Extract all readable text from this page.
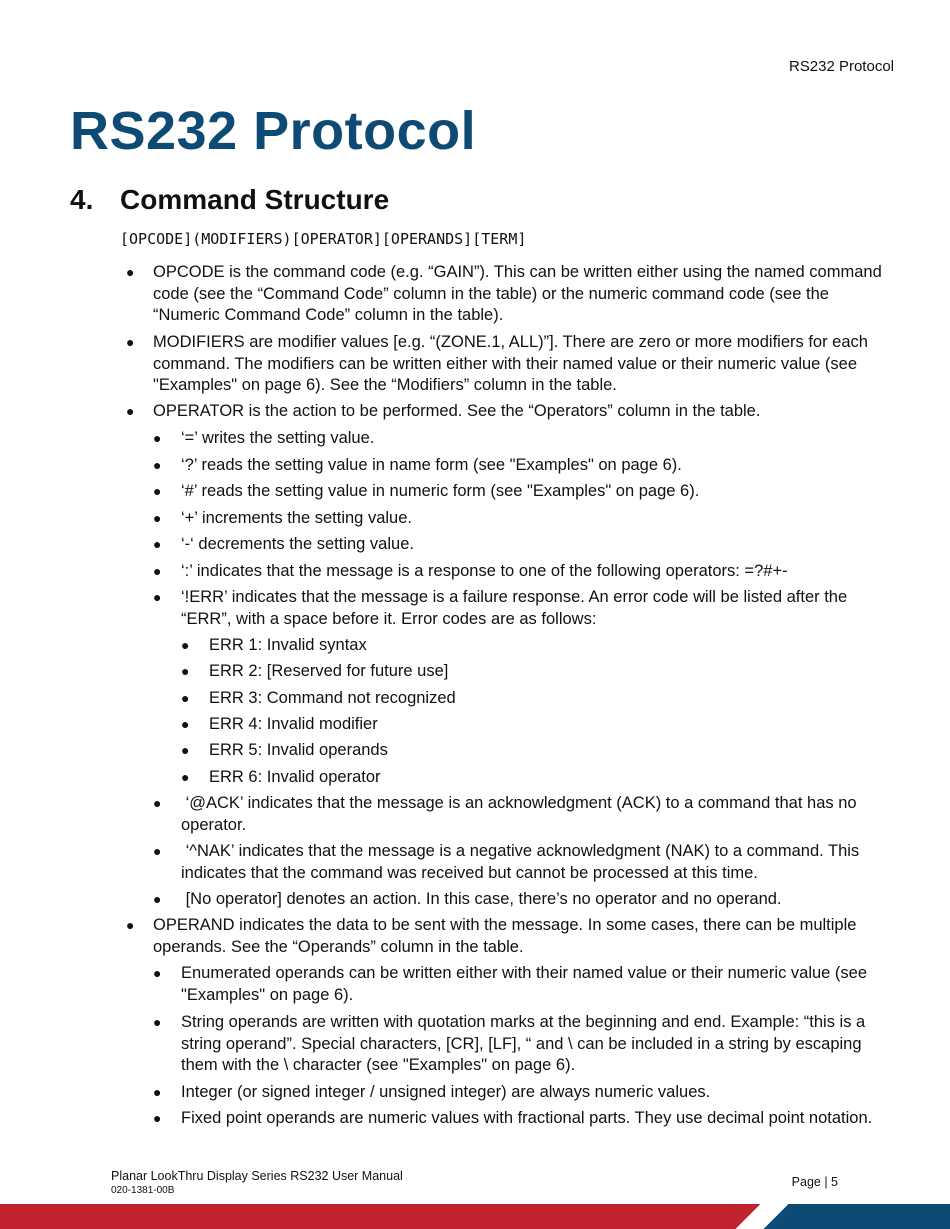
RS232 Protocol
RS232 Protocol
4. Command Structure
[OPCODE](MODIFIERS)[OPERATOR][OPERANDS][TERM]
● OPCODE is the command code (e.g. “GAIN”). This can be written either using the named command code (see the “Command Code” column in the table) or the numeric command code (see the “Numeric Command Code” column in the table).
● MODIFIERS are modifier values [e.g. “(ZONE.1, ALL)”]. There are zero or more modifiers for each command. The modifiers can be written either with their named value or their numeric value (see "Examples" on page 6). See the “Modifiers” column in the table.
● OPERATOR is the action to be performed. See the “Operators” column in the table.
● ‘=’ writes the setting value.
● ‘?’ reads the setting value in name form (see "Examples" on page 6).
● ‘#’ reads the setting value in numeric form (see "Examples" on page 6).
● ‘+’ increments the setting value.
● ‘-‘ decrements the setting value.
● ‘:’ indicates that the message is a response to one of the following operators: =?#+-
● ‘!ERR’ indicates that the message is a failure response. An error code will be listed after the “ERR”, with a space before it. Error codes are as follows:
● ERR 1: Invalid syntax
● ERR 2: [Reserved for future use]
● ERR 3: Command not recognized
● ERR 4: Invalid modifier
● ERR 5: Invalid operands
● ERR 6: Invalid operator
● ‘@ACK’ indicates that the message is an acknowledgment (ACK) to a command that has no operator.
● ‘^NAK’ indicates that the message is a negative acknowledgment (NAK) to a command. This indicates that the command was received but cannot be processed at this time.
● [No operator] denotes an action. In this case, there’s no operator and no operand.
● OPERAND indicates the data to be sent with the message. In some cases, there can be multiple operands. See the “Operands” column in the table.
● Enumerated operands can be written either with their named value or their numeric value (see "Examples" on page 6).
● String operands are written with quotation marks at the beginning and end. Example: “this is a string operand”. Special characters, [CR], [LF], “ and \ can be included in a string by escaping them with the \ character (see "Examples" on page 6).
● Integer (or signed integer / unsigned integer) are always numeric values.
● Fixed point operands are numeric values with fractional parts. They use decimal point notation.
Planar LookThru Display Series RS232 User Manual
020-1381-00B
Page | 5
